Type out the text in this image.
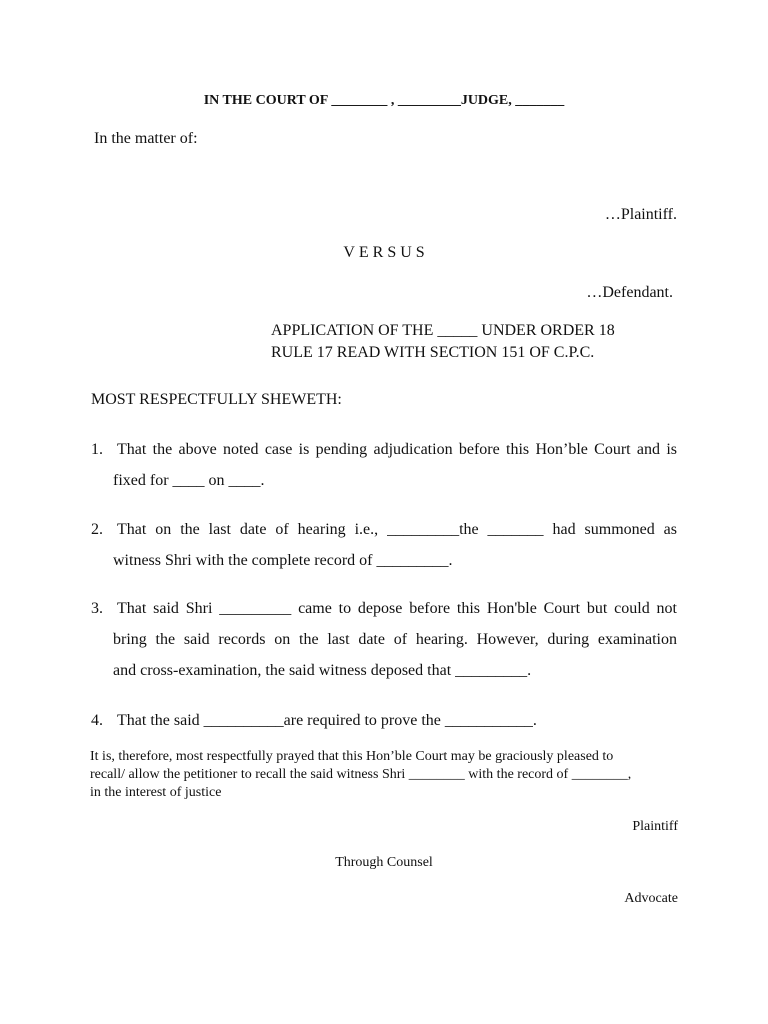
IN THE COURT OF ________ , _________JUDGE, _______
In the matter of:
…Plaintiff.
VERSUS
…Defendant.
APPLICATION OF THE _____ UNDER ORDER 18
RULE 17 READ WITH SECTION 151 OF C.P.C.
MOST RESPECTFULLY SHEWETH:
1. That the above noted case is pending adjudication before this Hon’ble Court and is
fixed for ____ on ____.
2. That on the last date of hearing i.e., _________the _______ had summoned as
witness Shri with the complete record of _________.
3. That said Shri _________ came to depose before this Hon'ble Court but could not
bring the said records on the last date of hearing. However, during examination
and cross-examination, the said witness deposed that _________.
4. That the said __________are required to prove the ___________.
It is, therefore, most respectfully prayed that this Hon’ble Court may be graciously pleased to
recall/ allow the petitioner to recall the said witness Shri ________ with the record of ________,
in the interest of justice
Plaintiff
Through Counsel
Advocate
